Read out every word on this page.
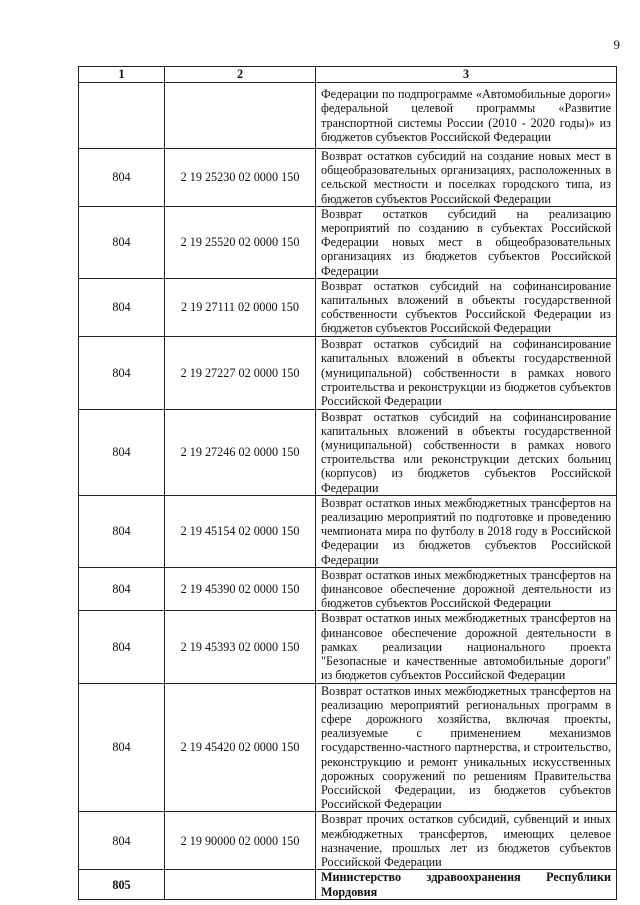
9
1	2	3
		Федерации по подпрограмме «Автомобильные дороги» федеральной целевой программы «Развитие транспортной системы России (2010 - 2020 годы)» из бюджетов субъектов Российской Федерации
804	2 19 25230 02 0000 150	Возврат остатков субсидий на создание новых мест в общеобразовательных организациях, расположенных в сельской местности и поселках городского типа, из бюджетов субъектов Российской Федерации
804	2 19 25520 02 0000 150	Возврат остатков субсидий на реализацию мероприятий по созданию в субъектах Российской Федерации новых мест в общеобразовательных организациях из бюджетов субъектов Российской Федерации
804	2 19 27111 02 0000 150	Возврат остатков субсидий на софинансирование капитальных вложений в объекты государственной собственности субъектов Российской Федерации из бюджетов субъектов Российской Федерации
804	2 19 27227 02 0000 150	Возврат остатков субсидий на софинансирование капитальных вложений в объекты государственной (муниципальной) собственности в рамках нового строительства и реконструкции из бюджетов субъектов Российской Федерации
804	2 19 27246 02 0000 150	Возврат остатков субсидий на софинансирование капитальных вложений в объекты государственной (муниципальной) собственности в рамках нового строительства или реконструкции детских больниц (корпусов) из бюджетов субъектов Российской Федерации
804	2 19 45154 02 0000 150	Возврат остатков иных межбюджетных трансфертов на реализацию мероприятий по подготовке и проведению чемпионата мира по футболу в 2018 году в Российской Федерации из бюджетов субъектов Российской Федерации
804	2 19 45390 02 0000 150	Возврат остатков иных межбюджетных трансфертов на финансовое обеспечение дорожной деятельности из бюджетов субъектов Российской Федерации
804	2 19 45393 02 0000 150	Возврат остатков иных межбюджетных трансфертов на финансовое обеспечение дорожной деятельности в рамках реализации национального проекта "Безопасные и качественные автомобильные дороги" из бюджетов субъектов Российской Федерации
804	2 19 45420 02 0000 150	Возврат остатков иных межбюджетных трансфертов на реализацию мероприятий региональных программ в сфере дорожного хозяйства, включая проекты, реализуемые с применением механизмов государственно-частного партнерства, и строительство, реконструкцию и ремонт уникальных искусственных дорожных сооружений по решениям Правительства Российской Федерации, из бюджетов субъектов Российской Федерации
804	2 19 90000 02 0000 150	Возврат прочих остатков субсидий, субвенций и иных межбюджетных трансфертов, имеющих целевое назначение, прошлых лет из бюджетов субъектов Российской Федерации
805		Министерство здравоохранения Республики Мордовия
